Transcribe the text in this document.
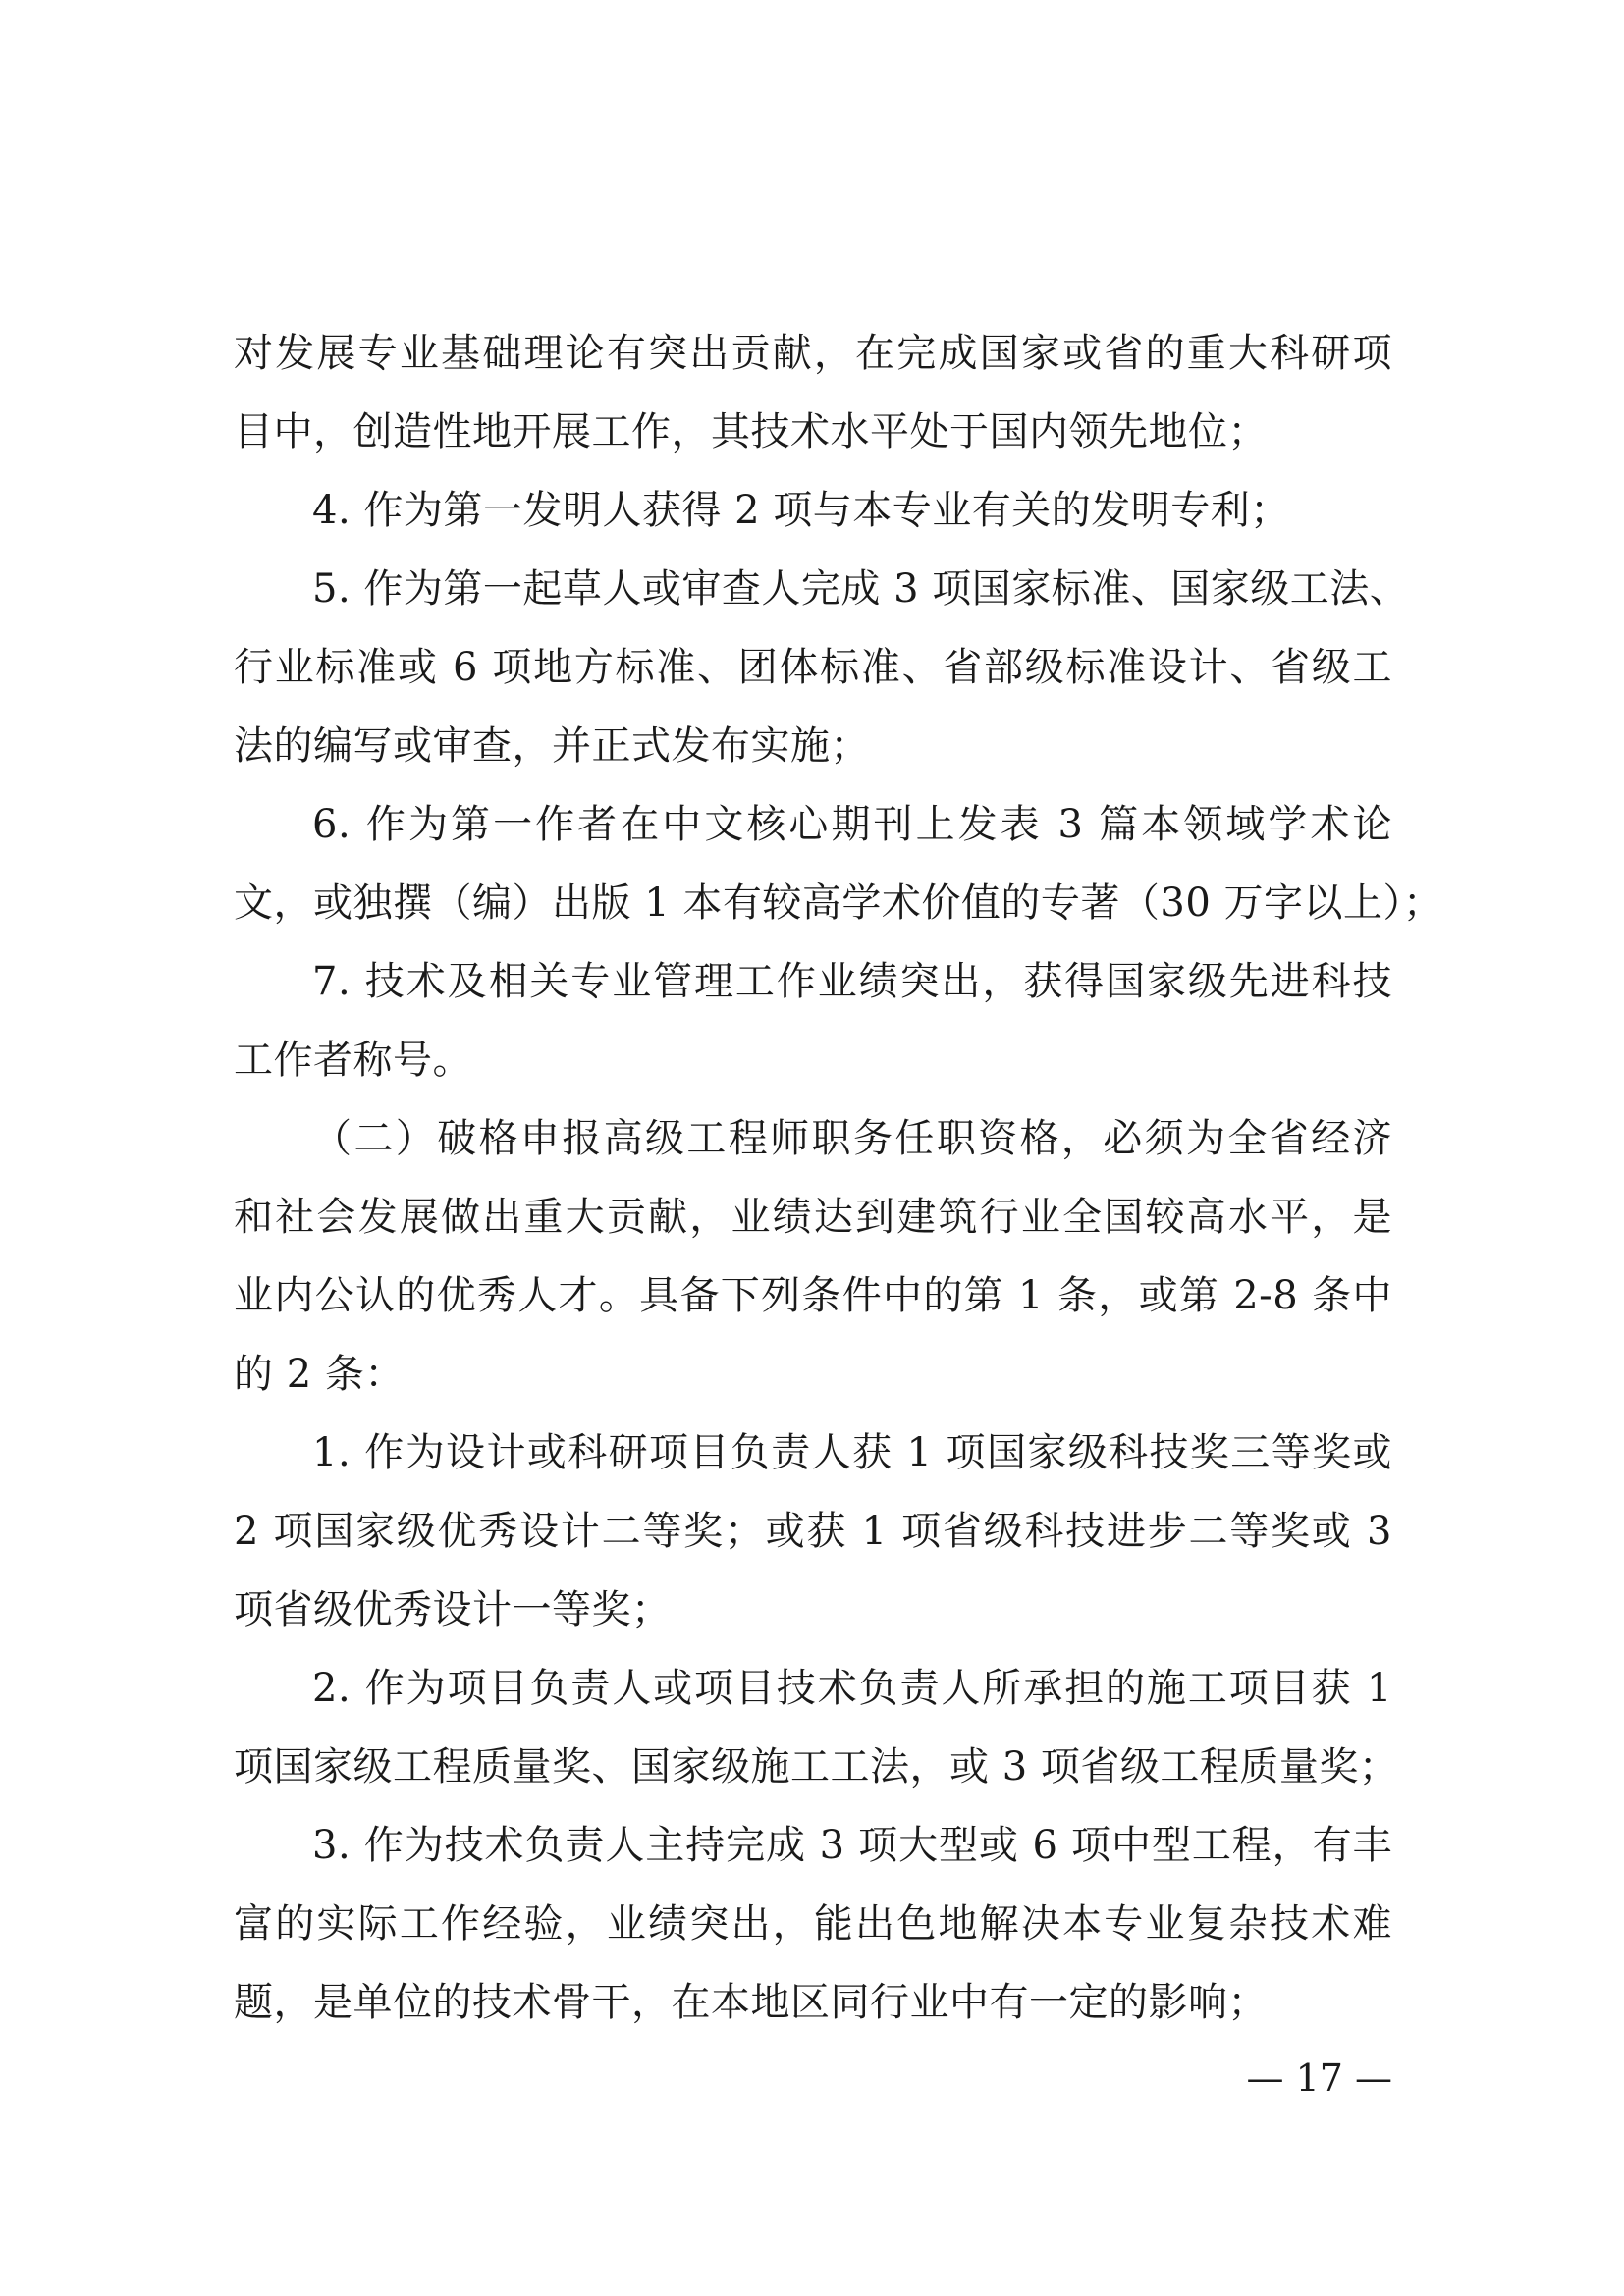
对发展专业基础理论有突出贡献，在完成国家或省的重大科研项
目中，创造性地开展工作，其技术水平处于国内领先地位；
4. 作为第一发明人获得 2 项与本专业有关的发明专利；
5. 作为第一起草人或审查人完成 3 项国家标准、国家级工法、
行业标准或 6 项地方标准、团体标准、省部级标准设计、省级工
法的编写或审查，并正式发布实施；
6. 作为第一作者在中文核心期刊上发表 3 篇本领域学术论
文，或独撰（编）出版 1 本有较高学术价值的专著（30 万字以上）；
7. 技术及相关专业管理工作业绩突出，获得国家级先进科技
工作者称号。
（二）破格申报高级工程师职务任职资格，必须为全省经济
和社会发展做出重大贡献，业绩达到建筑行业全国较高水平，是
业内公认的优秀人才。具备下列条件中的第 1 条，或第 2-8 条中
的 2 条：
1. 作为设计或科研项目负责人获 1 项国家级科技奖三等奖或
2 项国家级优秀设计二等奖；或获 1 项省级科技进步二等奖或 3
项省级优秀设计一等奖；
2. 作为项目负责人或项目技术负责人所承担的施工项目获 1
项国家级工程质量奖、国家级施工工法，或 3 项省级工程质量奖；
3. 作为技术负责人主持完成 3 项大型或 6 项中型工程，有丰
富的实际工作经验，业绩突出，能出色地解决本专业复杂技术难
题，是单位的技术骨干，在本地区同行业中有一定的影响；
— 17 —
